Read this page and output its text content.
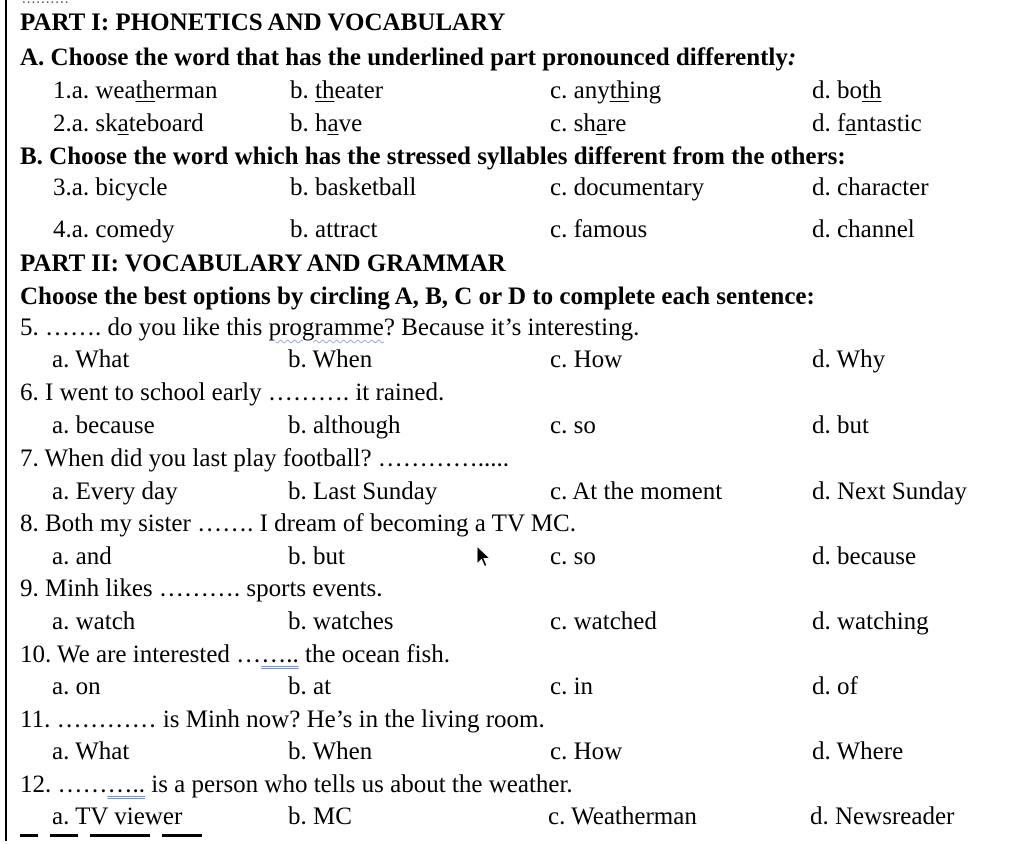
PART I: PHONETICS AND VOCABULARY
A. Choose the word that has the underlined part pronounced differently:
1.a. weatherman	b. theater	c. anything	d. both
2.a. skateboard	b. have	c. share	d. fantastic
B. Choose the word which has the stressed syllables different from the others:
3.a. bicycle	b. basketball	c. documentary	d. character
4.a. comedy	b. attract	c. famous	d. channel
PART II: VOCABULARY AND GRAMMAR
Choose the best options by circling A, B, C or D to complete each sentence:
5. ……. do you like this programme? Because it’s interesting.
a. What	b. When	c. How	d. Why
6. I went to school early ………. it rained.
a. because	b. although	c. so	d. but
7. When did you last play football? ………….....
a. Every day	b. Last Sunday	c. At the moment	d. Next Sunday
8. Both my sister ……. I dream of becoming a TV MC.
a. and	b. but	c. so	d. because
9. Minh likes ………. sports events.
a. watch	b. watches	c. watched	d. watching
10. We are interested …….. the ocean fish.
a. on	b. at	c. in	d. of
11. ………… is Minh now? He’s in the living room.
a. What	b. When	c. How	d. Where
12. ……….. is a person who tells us about the weather.
a. TV viewer	b. MC	c. Weatherman	d. Newsreader
